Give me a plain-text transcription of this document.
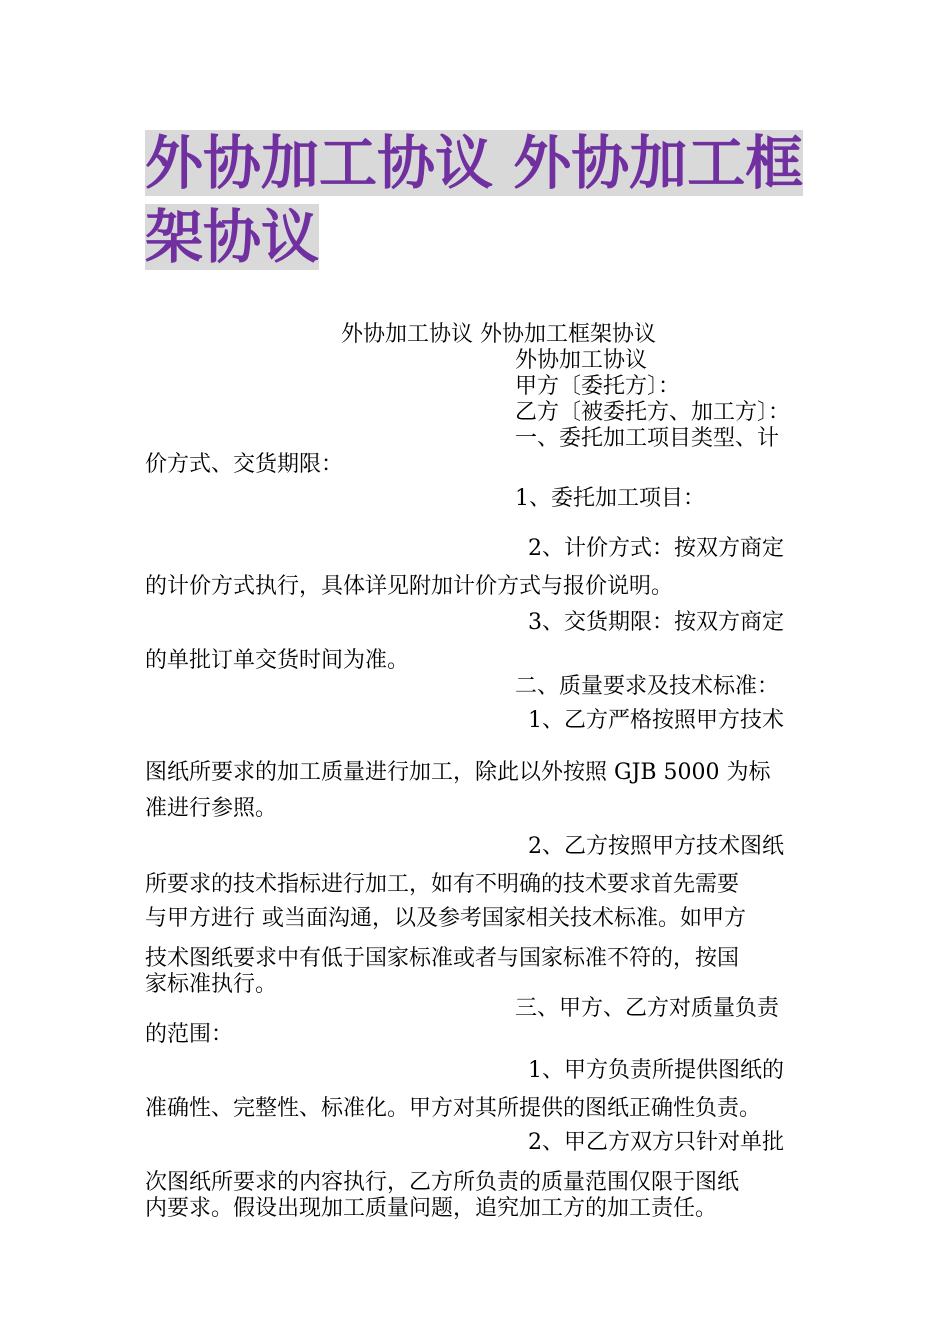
外协加工协议 外协加工框
架协议
外协加工协议 外协加工框架协议
外协加工协议
甲方〔委托方〕：
乙方〔被委托方、加工方〕：
一、委托加工项目类型、计
价方式、交货期限：
1、委托加工项目：
2、计价方式：按双方商定
的计价方式执行，具体详见附加计价方式与报价说明。
3、交货期限：按双方商定
的单批订单交货时间为准。
二、质量要求及技术标准：
1、乙方严格按照甲方技术
图纸所要求的加工质量进行加工，除此以外按照 GJB 5000 为标
准进行参照。
2、乙方按照甲方技术图纸
所要求的技术指标进行加工，如有不明确的技术要求首先需要
与甲方进行 或当面沟通，以及参考国家相关技术标准。如甲方
技术图纸要求中有低于国家标准或者与国家标准不符的，按国
家标准执行。
三、甲方、乙方对质量负责
的范围：
1、甲方负责所提供图纸的
准确性、完整性、标准化。甲方对其所提供的图纸正确性负责。
2、甲乙方双方只针对单批
次图纸所要求的内容执行，乙方所负责的质量范围仅限于图纸
内要求。假设出现加工质量问题，追究加工方的加工责任。
